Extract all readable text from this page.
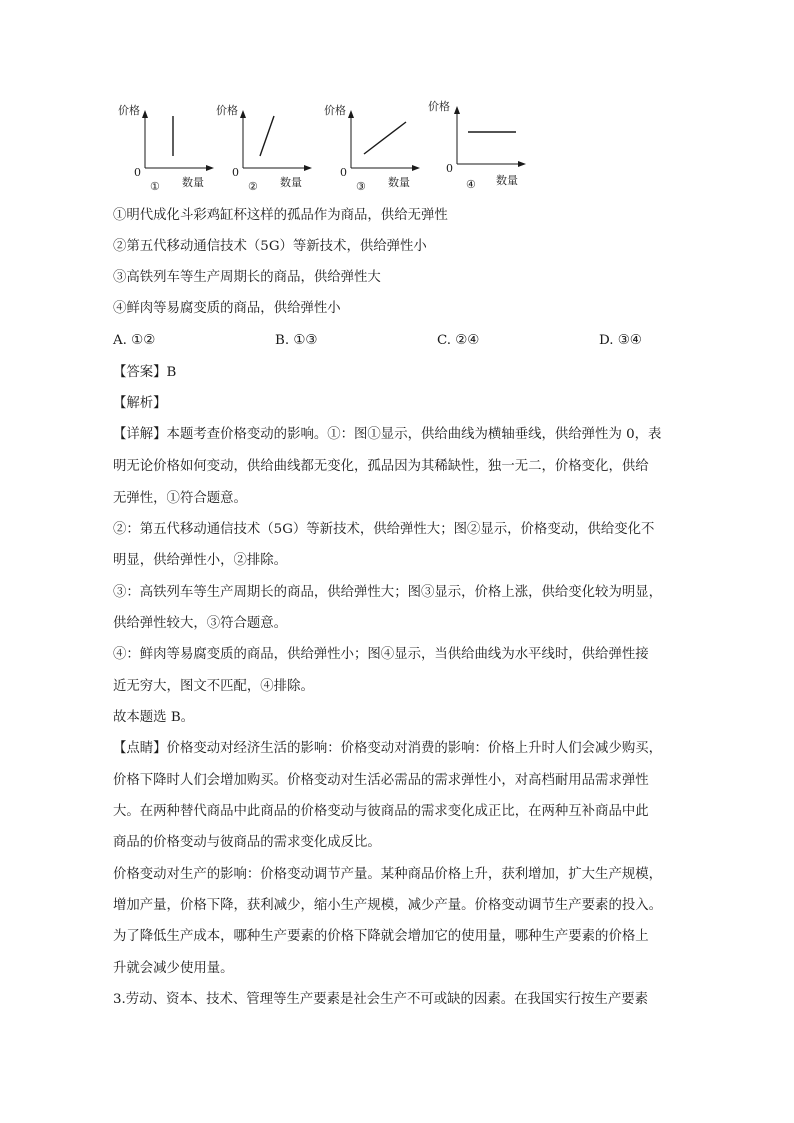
价格
0
数量
①
价格
0
数量
②
价格
0
数量
③
价格
0
数量
④
①明代成化斗彩鸡缸杯这样的孤品作为商品，供给无弹性
②第五代移动通信技术（5G）等新技术，供给弹性小
③高铁列车等生产周期长的商品，供给弹性大
④鲜肉等易腐变质的商品，供给弹性小
A. ①②	B. ①③	C. ②④	D. ③④
【答案】B
【解析】
【详解】本题考查价格变动的影响。①：图①显示，供给曲线为横轴垂线，供给弹性为 0，表
明无论价格如何变动，供给曲线都无变化，孤品因为其稀缺性，独一无二，价格变化，供给
无弹性，①符合题意。
②：第五代移动通信技术（5G）等新技术，供给弹性大；图②显示，价格变动，供给变化不
明显，供给弹性小，②排除。
③：高铁列车等生产周期长的商品，供给弹性大；图③显示，价格上涨，供给变化较为明显，
供给弹性较大，③符合题意。
④：鲜肉等易腐变质的商品，供给弹性小；图④显示，当供给曲线为水平线时，供给弹性接
近无穷大，图文不匹配，④排除。
故本题选 B。
【点睛】价格变动对经济生活的影响：价格变动对消费的影响：价格上升时人们会减少购买，
价格下降时人们会增加购买。价格变动对生活必需品的需求弹性小，对高档耐用品需求弹性
大。在两种替代商品中此商品的价格变动与彼商品的需求变化成正比，在两种互补商品中此
商品的价格变动与彼商品的需求变化成反比。
价格变动对生产的影响：价格变动调节产量。某种商品价格上升，获利增加，扩大生产规模，
增加产量，价格下降，获利减少，缩小生产规模，减少产量。价格变动调节生产要素的投入。
为了降低生产成本，哪种生产要素的价格下降就会增加它的使用量，哪种生产要素的价格上
升就会减少使用量。
3.劳动、资本、技术、管理等生产要素是社会生产不可或缺的因素。在我国实行按生产要素
